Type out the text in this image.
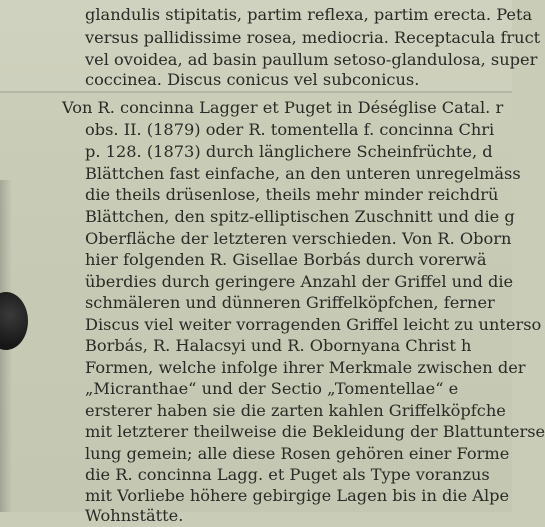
glandulis stipitatis, partim reflexa, partim erecta. Peta
versus pallidissime rosea, mediocria. Receptacula fruct
vel ovoidea, ad basin paullum setoso-glandulosa, super
coccinea. Discus conicus vel subconicus.
Von R. concinna Lagger et Puget in Déséglise Catal. r
obs. II. (1879) oder R. tomentella f. concinna Chri
p. 128. (1873) durch länglichere Scheinfrüchte, d
Blättchen fast einfache, an den unteren unregelmäss
die theils drüsenlose, theils mehr minder reichdrü
Blättchen, den spitz-elliptischen Zuschnitt und die g
Oberfläche der letzteren verschieden. Von R. Oborn
hier folgenden R. Gisellae Borbás durch vorerwä
überdies durch geringere Anzahl der Griffel und die
schmäleren und dünneren Griffelköpfchen, ferner
Discus viel weiter vorragenden Griffel leicht zu unterso
Borbás, R. Halacsyi und R. Obornyana Christ h
Formen, welche infolge ihrer Merkmale zwischen der
„Micranthae“ und der Sectio „Tomentellae“ e
ersterer haben sie die zarten kahlen Griffelköpfche
mit letzterer theilweise die Bekleidung der Blattunterse
lung gemein; alle diese Rosen gehören einer Forme
die R. concinna Lagg. et Puget als Type voranzus
mit Vorliebe höhere gebirgige Lagen bis in die Alpe
Wohnstätte.
